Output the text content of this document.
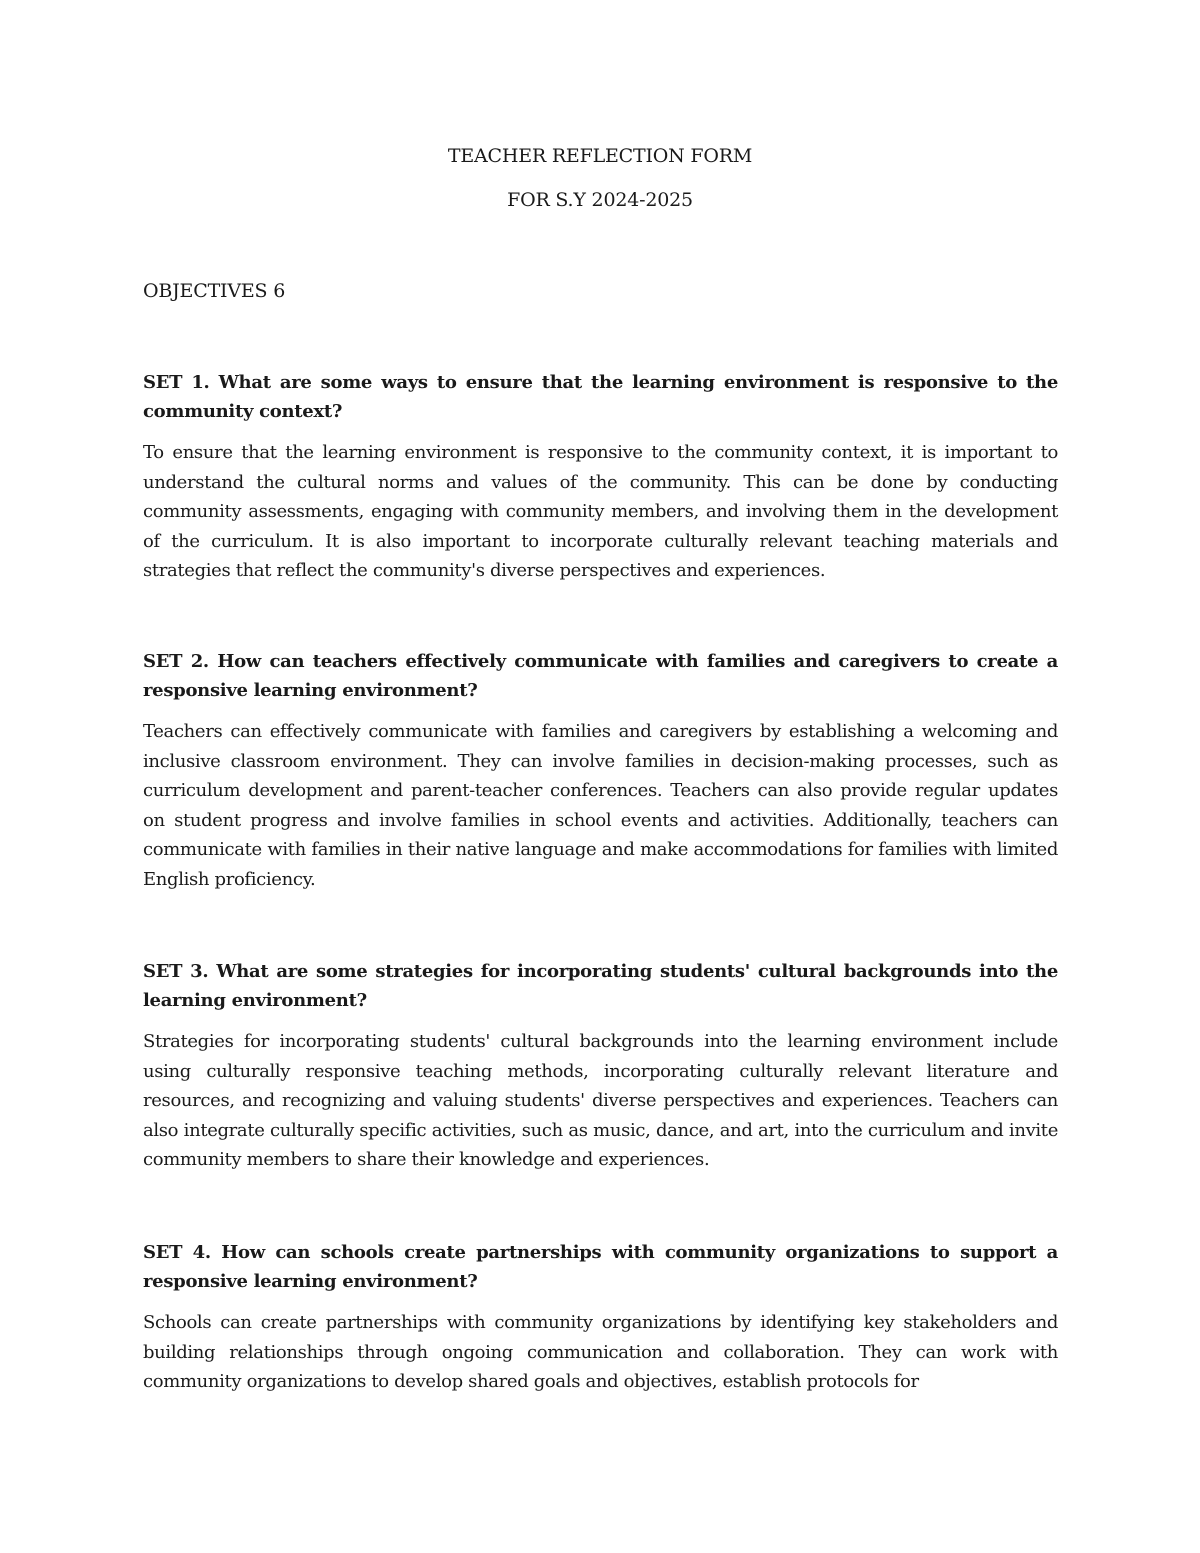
TEACHER REFLECTION FORM
FOR S.Y 2024-2025
OBJECTIVES 6

SET 1. What are some ways to ensure that the learning environment is responsive to the community context?

To ensure that the learning environment is responsive to the community context, it is important to understand the cultural norms and values of the community. This can be done by conducting community assessments, engaging with community members, and involving them in the development of the curriculum. It is also important to incorporate culturally relevant teaching materials and strategies that reflect the community's diverse perspectives and experiences.

SET 2. How can teachers effectively communicate with families and caregivers to create a responsive learning environment?

Teachers can effectively communicate with families and caregivers by establishing a welcoming and inclusive classroom environment. They can involve families in decision-making processes, such as curriculum development and parent-teacher conferences. Teachers can also provide regular updates on student progress and involve families in school events and activities. Additionally, teachers can communicate with families in their native language and make accommodations for families with limited English proficiency.

SET 3. What are some strategies for incorporating students' cultural backgrounds into the learning environment?

Strategies for incorporating students' cultural backgrounds into the learning environment include using culturally responsive teaching methods, incorporating culturally relevant literature and resources, and recognizing and valuing students' diverse perspectives and experiences. Teachers can also integrate culturally specific activities, such as music, dance, and art, into the curriculum and invite community members to share their knowledge and experiences.

SET 4. How can schools create partnerships with community organizations to support a responsive learning environment?

Schools can create partnerships with community organizations by identifying key stakeholders and building relationships through ongoing communication and collaboration. They can work with community organizations to develop shared goals and objectives, establish protocols for
